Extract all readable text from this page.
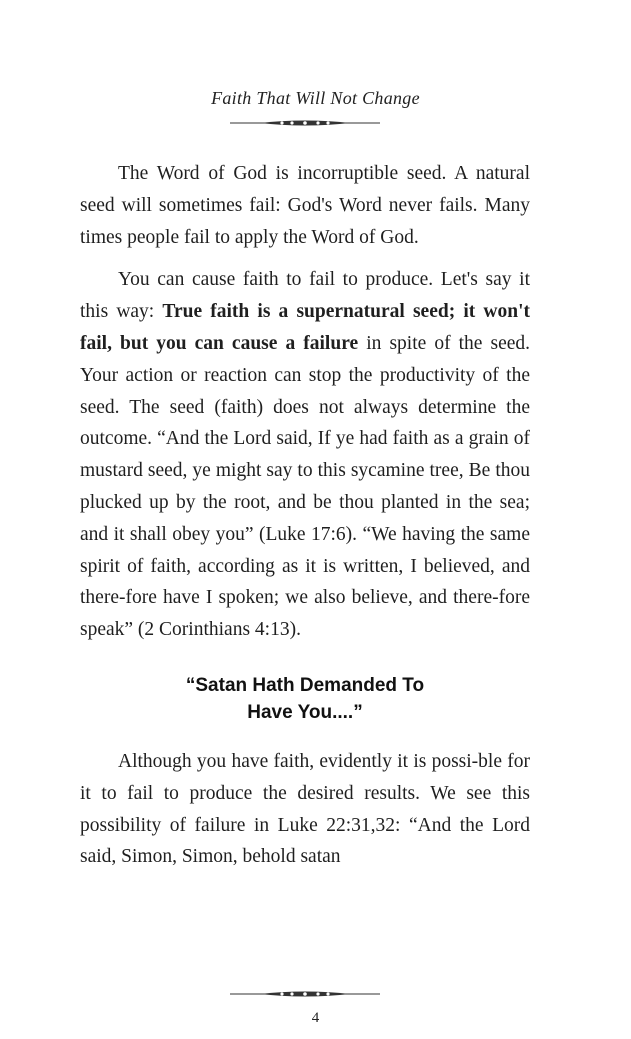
Faith That Will Not Change

The Word of God is incorruptible seed. A natural seed will sometimes fail: God's Word never fails. Many times people fail to apply the Word of God.

You can cause faith to fail to produce. Let's say it this way: True faith is a supernatural seed; it won't fail, but you can cause a failure in spite of the seed. Your action or reaction can stop the productivity of the seed. The seed (faith) does not always determine the outcome. “And the Lord said, If ye had faith as a grain of mustard seed, ye might say to this sycamine tree, Be thou plucked up by the root, and be thou planted in the sea; and it shall obey you” (Luke 17:6). “We having the same spirit of faith, according as it is written, I believed, and there-fore have I spoken; we also believe, and there-fore speak” (2 Corinthians 4:13).

“Satan Hath Demanded To
Have You....”

Although you have faith, evidently it is possi-ble for it to fail to produce the desired results. We see this possibility of failure in Luke 22:31,32: “And the Lord said, Simon, Simon, behold satan

4
